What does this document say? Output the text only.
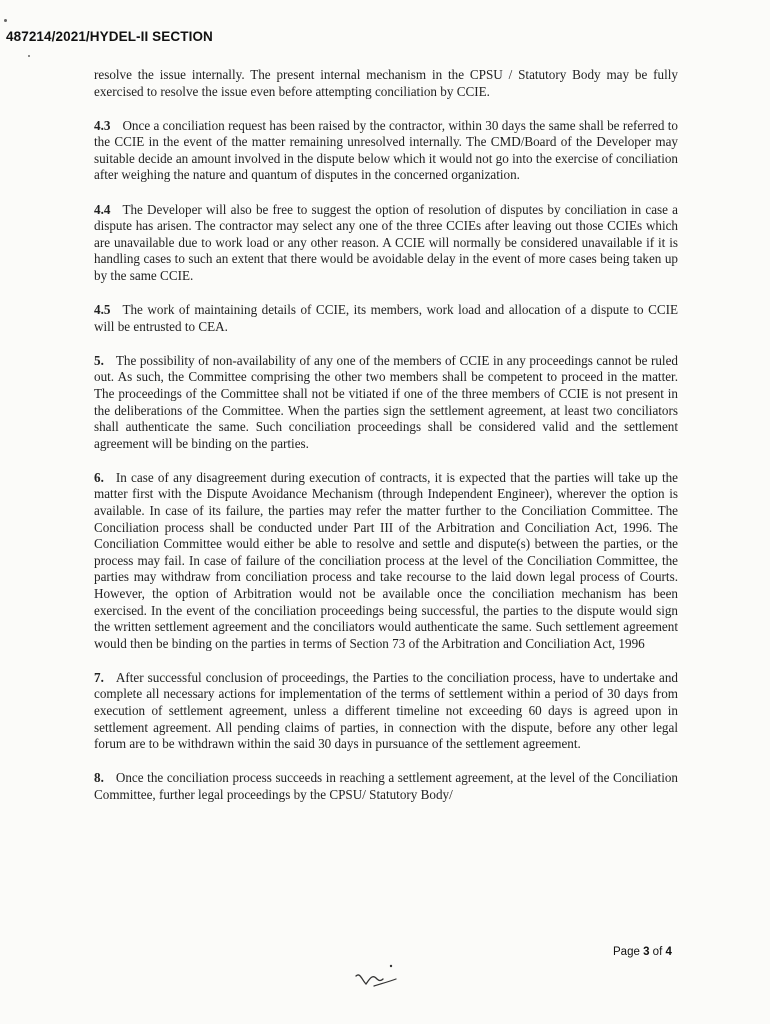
487214/2021/HYDEL-II SECTION

resolve the issue internally. The present internal mechanism in the CPSU / Statutory Body may be fully exercised to resolve the issue even before attempting conciliation by CCIE.

4.3 Once a conciliation request has been raised by the contractor, within 30 days the same shall be referred to the CCIE in the event of the matter remaining unresolved internally. The CMD/Board of the Developer may suitable decide an amount involved in the dispute below which it would not go into the exercise of conciliation after weighing the nature and quantum of disputes in the concerned organization.

4.4 The Developer will also be free to suggest the option of resolution of disputes by conciliation in case a dispute has arisen. The contractor may select any one of the three CCIEs after leaving out those CCIEs which are unavailable due to work load or any other reason. A CCIE will normally be considered unavailable if it is handling cases to such an extent that there would be avoidable delay in the event of more cases being taken up by the same CCIE.

4.5 The work of maintaining details of CCIE, its members, work load and allocation of a dispute to CCIE will be entrusted to CEA.

5. The possibility of non-availability of any one of the members of CCIE in any proceedings cannot be ruled out. As such, the Committee comprising the other two members shall be competent to proceed in the matter. The proceedings of the Committee shall not be vitiated if one of the three members of CCIE is not present in the deliberations of the Committee. When the parties sign the settlement agreement, at least two conciliators shall authenticate the same. Such conciliation proceedings shall be considered valid and the settlement agreement will be binding on the parties.

6. In case of any disagreement during execution of contracts, it is expected that the parties will take up the matter first with the Dispute Avoidance Mechanism (through Independent Engineer), wherever the option is available. In case of its failure, the parties may refer the matter further to the Conciliation Committee. The Conciliation process shall be conducted under Part III of the Arbitration and Conciliation Act, 1996. The Conciliation Committee would either be able to resolve and settle and dispute(s) between the parties, or the process may fail. In case of failure of the conciliation process at the level of the Conciliation Committee, the parties may withdraw from conciliation process and take recourse to the laid down legal process of Courts. However, the option of Arbitration would not be available once the conciliation mechanism has been exercised. In the event of the conciliation proceedings being successful, the parties to the dispute would sign the written settlement agreement and the conciliators would authenticate the same. Such settlement agreement would then be binding on the parties in terms of Section 73 of the Arbitration and Conciliation Act, 1996

7. After successful conclusion of proceedings, the Parties to the conciliation process, have to undertake and complete all necessary actions for implementation of the terms of settlement within a period of 30 days from execution of settlement agreement, unless a different timeline not exceeding 60 days is agreed upon in settlement agreement. All pending claims of parties, in connection with the dispute, before any other legal forum are to be withdrawn within the said 30 days in pursuance of the settlement agreement.

8. Once the conciliation process succeeds in reaching a settlement agreement, at the level of the Conciliation Committee, further legal proceedings by the CPSU/ Statutory Body/

Page 3 of 4
